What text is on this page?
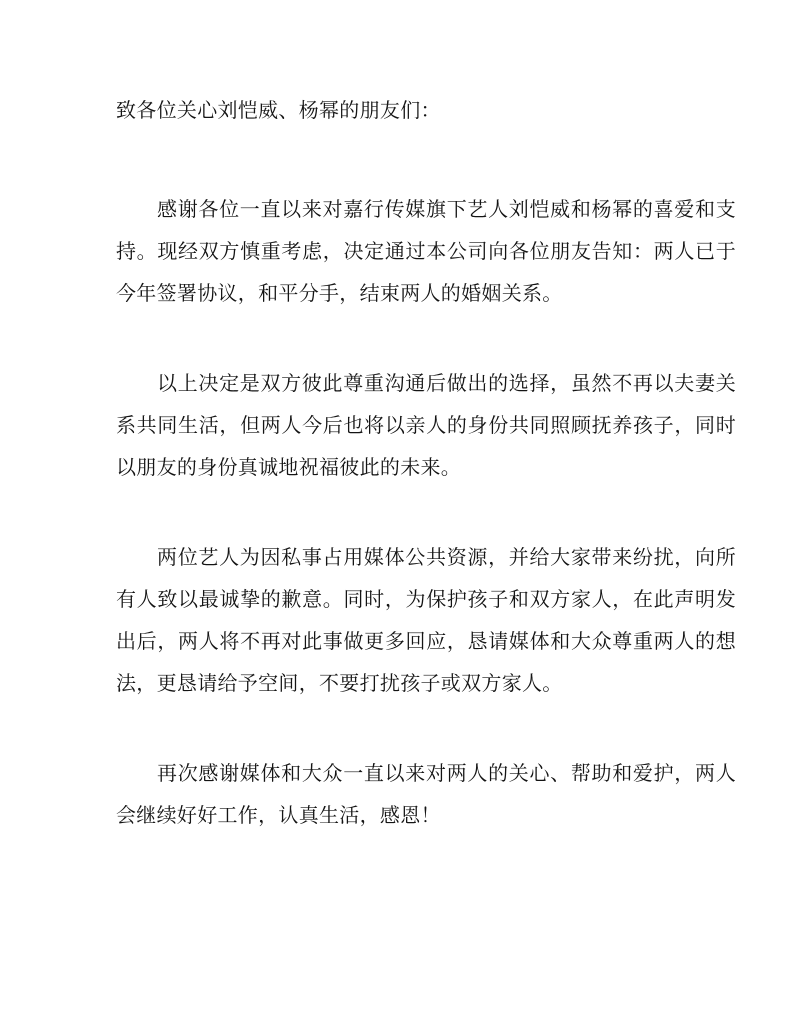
致各位关心刘恺威、杨幂的朋友们：

感谢各位一直以来对嘉行传媒旗下艺人刘恺威和杨幂的喜爱和支持。现经双方慎重考虑，决定通过本公司向各位朋友告知：两人已于今年签署协议，和平分手，结束两人的婚姻关系。

以上决定是双方彼此尊重沟通后做出的选择，虽然不再以夫妻关系共同生活，但两人今后也将以亲人的身份共同照顾抚养孩子，同时以朋友的身份真诚地祝福彼此的未来。

两位艺人为因私事占用媒体公共资源，并给大家带来纷扰，向所有人致以最诚挚的歉意。同时，为保护孩子和双方家人，在此声明发出后，两人将不再对此事做更多回应，恳请媒体和大众尊重两人的想法，更恳请给予空间，不要打扰孩子或双方家人。

再次感谢媒体和大众一直以来对两人的关心、帮助和爱护，两人会继续好好工作，认真生活，感恩！
